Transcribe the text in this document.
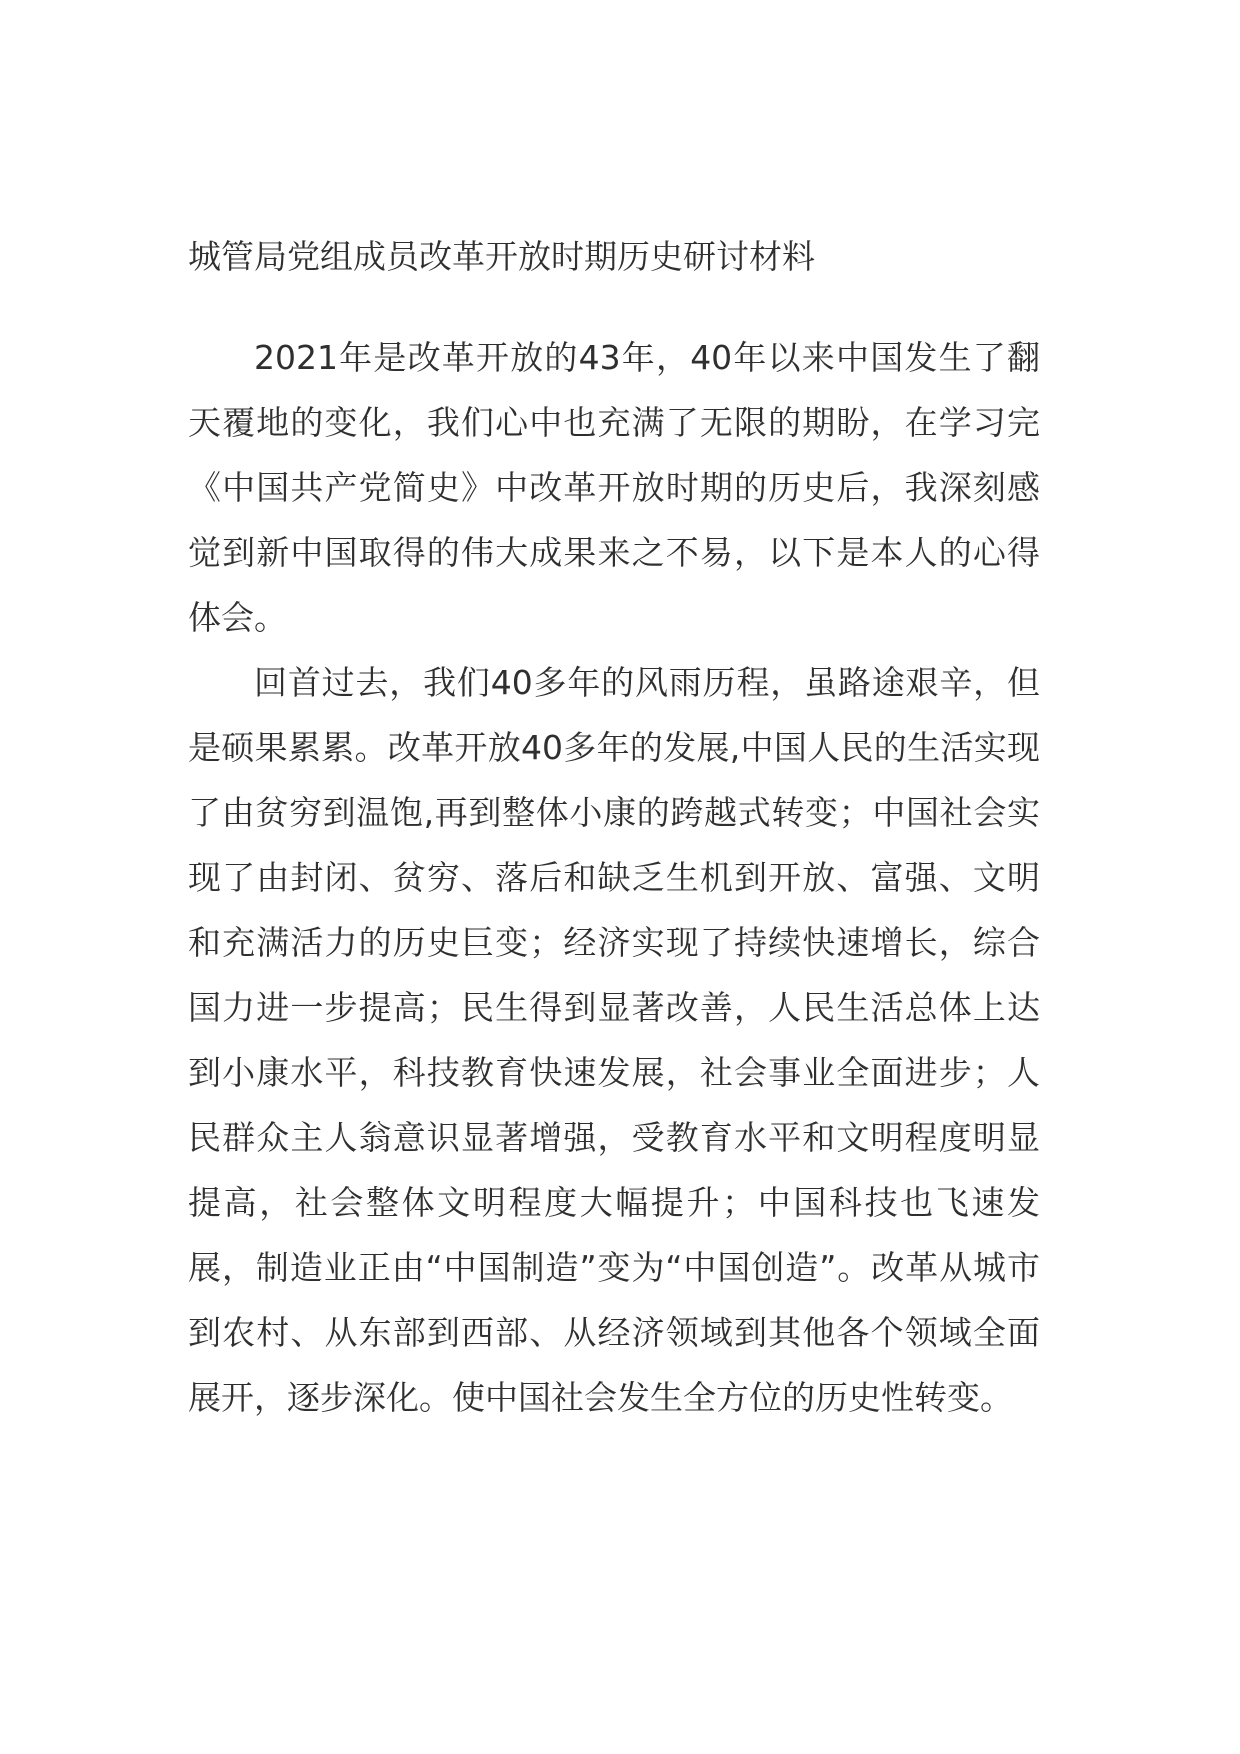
城管局党组成员改革开放时期历史研讨材料

2021年是改革开放的43年，40年以来中国发生了翻天覆地的变化，我们心中也充满了无限的期盼，在学习完《中国共产党简史》中改革开放时期的历史后，我深刻感觉到新中国取得的伟大成果来之不易，以下是本人的心得体会。

回首过去，我们40多年的风雨历程，虽路途艰辛，但是硕果累累。改革开放40多年的发展,中国人民的生活实现了由贫穷到温饱,再到整体小康的跨越式转变；中国社会实现了由封闭、贫穷、落后和缺乏生机到开放、富强、文明和充满活力的历史巨变；经济实现了持续快速增长，综合国力进一步提高；民生得到显著改善，人民生活总体上达到小康水平，科技教育快速发展，社会事业全面进步；人民群众主人翁意识显著增强，受教育水平和文明程度明显提高，社会整体文明程度大幅提升；中国科技也飞速发展，制造业正由“中国制造”变为“中国创造”。改革从城市到农村、从东部到西部、从经济领域到其他各个领域全面展开，逐步深化。使中国社会发生全方位的历史性转变。
